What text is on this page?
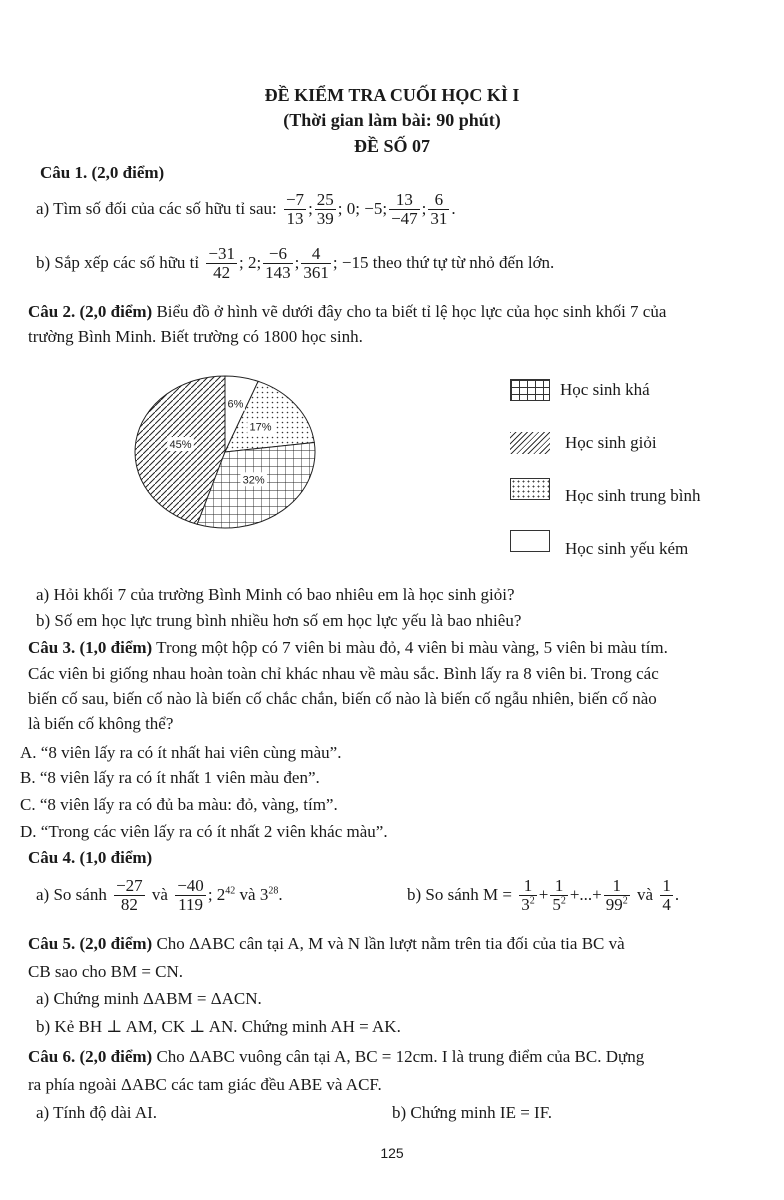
ĐỀ KIỂM TRA CUỐI HỌC KÌ I
(Thời gian làm bài: 90 phút)
ĐỀ SỐ 07
Câu 1. (2,0 điểm)
a) Tìm số đối của các số hữu tỉ sau:
$\frac{-7}{13}$ ; $\frac{25}{39}$ ; 0; −5; $\frac{13}{-47}$ ; $\frac{6}{31}$ .
b) Sắp xếp các số hữu tỉ
$\frac{-31}{42}$ ; 2; $\frac{-6}{143}$ ; $\frac{4}{361}$ ; −15 theo thứ tự từ nhỏ đến lớn.
Câu 2. (2,0 điểm) Biểu đồ ở hình vẽ dưới đây cho ta biết tỉ lệ học lực của học sinh khối 7 của
trường Bình Minh. Biết trường có 1800 học sinh.
45%
6%
17%
32%
Học sinh khá
Học sinh giỏi
Học sinh trung bình
Học sinh yếu kém
a) Hỏi khối 7 của trường Bình Minh có bao nhiêu em là học sinh giỏi?
b) Số em học lực trung bình nhiều hơn số em học lực yếu là bao nhiêu?
Câu 3. (1,0 điểm) Trong một hộp có 7 viên bi màu đỏ, 4 viên bi màu vàng, 5 viên bi màu tím.
Các viên bi giống nhau hoàn toàn chỉ khác nhau về màu sắc. Bình lấy ra 8 viên bi. Trong các
biến cố sau, biến cố nào là biến cố chắc chắn, biến cố nào là biến cố ngẫu nhiên, biến cố nào
là biến cố không thể?
A. “8 viên lấy ra có ít nhất hai viên cùng màu”.
B. “8 viên lấy ra có ít nhất 1 viên màu đen”.
C. “8 viên lấy ra có đủ ba màu: đỏ, vàng, tím”.
D. “Trong các viên lấy ra có ít nhất 2 viên khác màu”.
Câu 4. (1,0 điểm)
a) So sánh
$\frac{-27}{82}$
và
$\frac{-40}{119}$ ; $2^{42}$ và $3^{28}$.	b) So sánh M =
$\frac{1}{3^2} + \frac{1}{5^2}$ +...+ $\frac{1}{99^2}$
và
$\frac{1}{4}$ .
Câu 5. (2,0 điểm) Cho ΔABC cân tại A, M và N lần lượt nằm trên tia đối của tia BC và
CB sao cho BM = CN.
a) Chứng minh ΔABM = ΔACN.
b) Kẻ BH ⊥ AM, CK ⊥ AN. Chứng minh AH = AK.
Câu 6. (2,0 điểm) Cho ΔABC vuông cân tại A, BC = 12cm. I là trung điểm của BC. Dựng
ra phía ngoài ΔABC các tam giác đều ABE và ACF.
a) Tính độ dài AI.	b) Chứng minh IE = IF.
125
